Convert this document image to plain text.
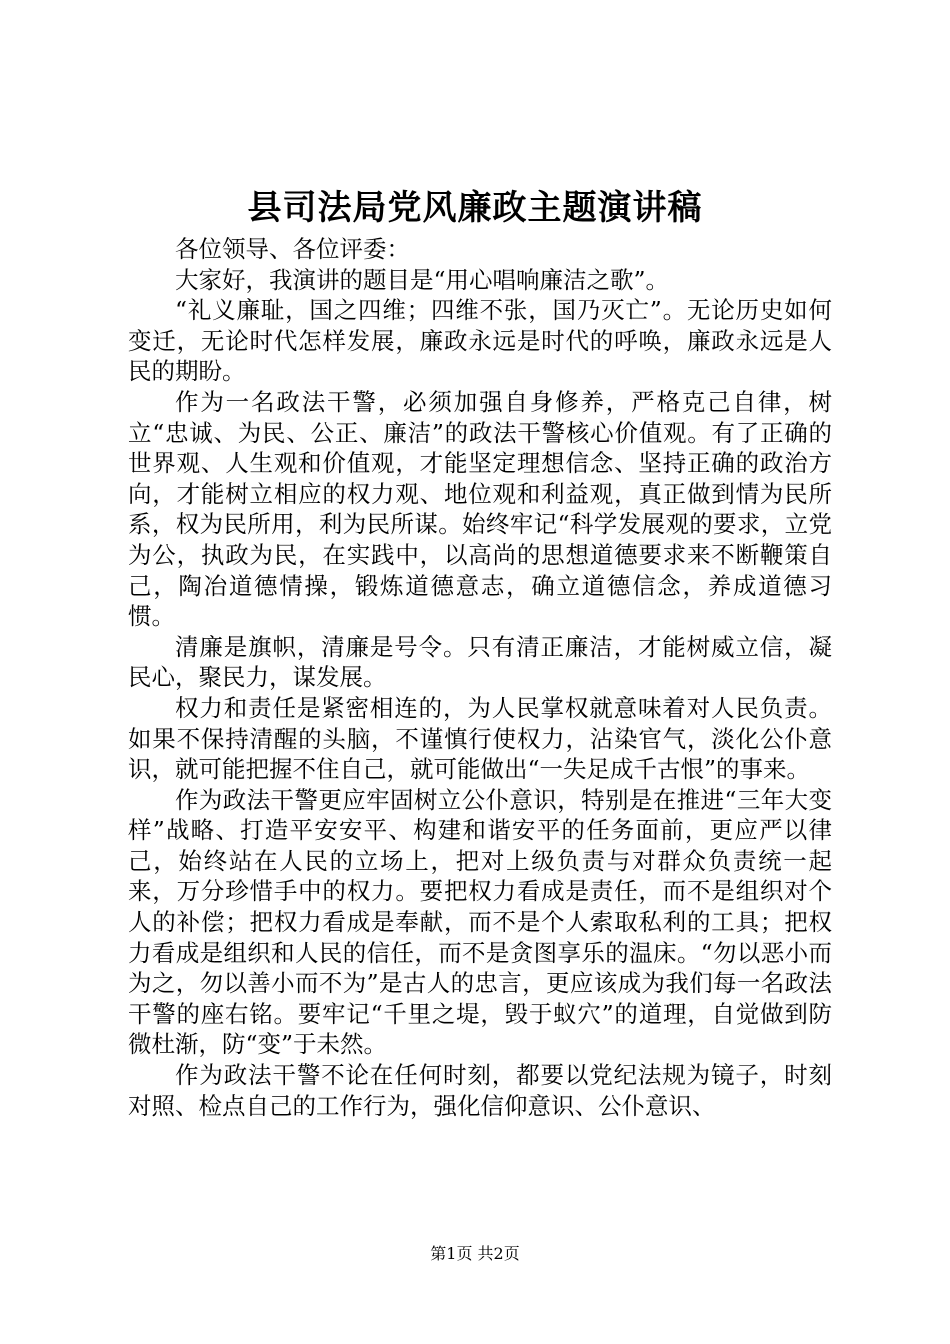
县司法局党风廉政主题演讲稿

各位领导、各位评委：

大家好，我演讲的题目是“用心唱响廉洁之歌”。

“礼义廉耻，国之四维；四维不张，国乃灭亡”。无论历史如何变迁，无论时代怎样发展，廉政永远是时代的呼唤，廉政永远是人民的期盼。

作为一名政法干警，必须加强自身修养，严格克己自律，树立“忠诚、为民、公正、廉洁”的政法干警核心价值观。有了正确的世界观、人生观和价值观，才能坚定理想信念、坚持正确的政治方向，才能树立相应的权力观、地位观和利益观，真正做到情为民所系，权为民所用，利为民所谋。始终牢记“科学发展观的要求，立党为公，执政为民，在实践中，以高尚的思想道德要求来不断鞭策自己，陶冶道德情操，锻炼道德意志，确立道德信念，养成道德习惯。

清廉是旗帜，清廉是号令。只有清正廉洁，才能树威立信，凝民心，聚民力，谋发展。

权力和责任是紧密相连的，为人民掌权就意味着对人民负责。如果不保持清醒的头脑，不谨慎行使权力，沾染官气，淡化公仆意识，就可能把握不住自己，就可能做出“一失足成千古恨”的事来。

作为政法干警更应牢固树立公仆意识，特别是在推进“三年大变样”战略、打造平安安平、构建和谐安平的任务面前，更应严以律己，始终站在人民的立场上，把对上级负责与对群众负责统一起来，万分珍惜手中的权力。要把权力看成是责任，而不是组织对个人的补偿；把权力看成是奉献，而不是个人索取私利的工具；把权力看成是组织和人民的信任，而不是贪图享乐的温床。“勿以恶小而为之，勿以善小而不为”是古人的忠言，更应该成为我们每一名政法干警的座右铭。要牢记“千里之堤，毁于蚁穴”的道理，自觉做到防微杜渐，防“变”于未然。

作为政法干警不论在任何时刻，都要以党纪法规为镜子，时刻对照、检点自己的工作行为，强化信仰意识、公仆意识、

第1页 共2页
